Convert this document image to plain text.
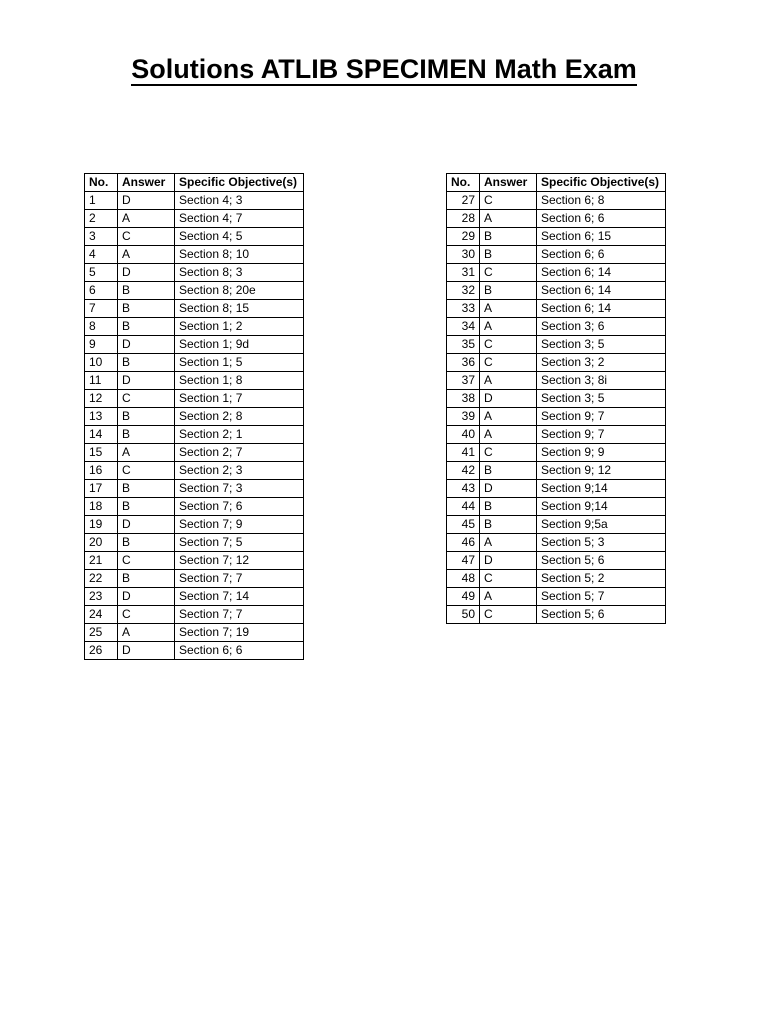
Solutions ATLIB SPECIMEN Math Exam
No.	Answer	Specific Objective(s)
1	D	Section 4; 3
2	A	Section 4; 7
3	C	Section 4; 5
4	A	Section 8; 10
5	D	Section 8; 3
6	B	Section 8; 20e
7	B	Section 8; 15
8	B	Section 1; 2
9	D	Section 1; 9d
10	B	Section 1; 5
11	D	Section 1; 8
12	C	Section 1; 7
13	B	Section 2; 8
14	B	Section 2; 1
15	A	Section 2; 7
16	C	Section 2; 3
17	B	Section 7; 3
18	B	Section 7; 6
19	D	Section 7; 9
20	B	Section 7; 5
21	C	Section 7; 12
22	B	Section 7; 7
23	D	Section 7; 14
24	C	Section 7; 7
25	A	Section 7; 19
26	D	Section 6; 6
No.	Answer	Specific Objective(s)
27	C	Section 6; 8
28	A	Section 6; 6
29	B	Section 6; 15
30	B	Section 6; 6
31	C	Section 6; 14
32	B	Section 6; 14
33	A	Section 6; 14
34	A	Section 3; 6
35	C	Section 3; 5
36	C	Section 3; 2
37	A	Section 3; 8i
38	D	Section 3; 5
39	A	Section 9; 7
40	A	Section 9; 7
41	C	Section 9; 9
42	B	Section 9; 12
43	D	Section 9;14
44	B	Section 9;14
45	B	Section 9;5a
46	A	Section 5; 3
47	D	Section 5; 6
48	C	Section 5; 2
49	A	Section 5; 7
50	C	Section 5; 6
